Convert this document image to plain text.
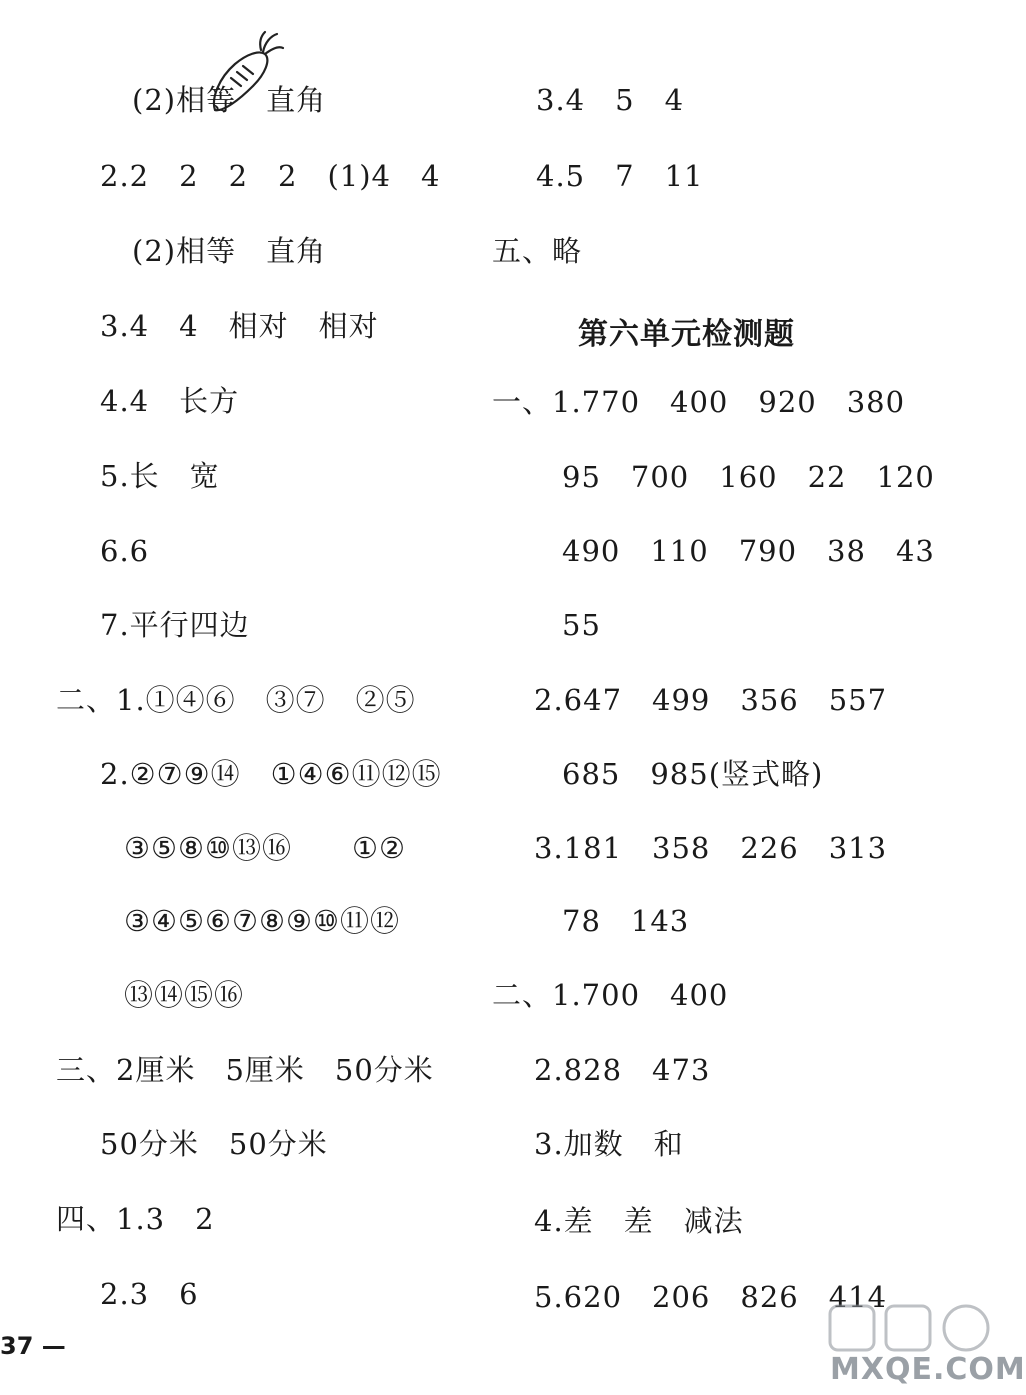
(2)相等　直角
2.2　2　2　2　(1)4　4
(2)相等　直角
3.4　4　相对　相对
4.4　长方
5.长　宽
6.6
7.平行四边
二、1.①④⑥　③⑦　②⑤
2.②⑦⑨⑭　①④⑥⑪⑫⑮
③⑤⑧⑩⑬⑯　　①②
③④⑤⑥⑦⑧⑨⑩⑪⑫
⑬⑭⑮⑯
三、2厘米　5厘米　50分米
50分米　50分米
四、1.3　2
2.3　6
3.4　5　4
4.5　7　11
五、略
第六单元检测题
一、1.770　400　920　380
95　700　160　22　120
490　110　790　38　43
55
2.647　499　356　557
685　985(竖式略)
3.181　358　226　313
78　143
二、1.700　400
2.828　473
3.加数　和
4.差　差　减法
5.620　206　826　414
37 —
MXQE.COM
